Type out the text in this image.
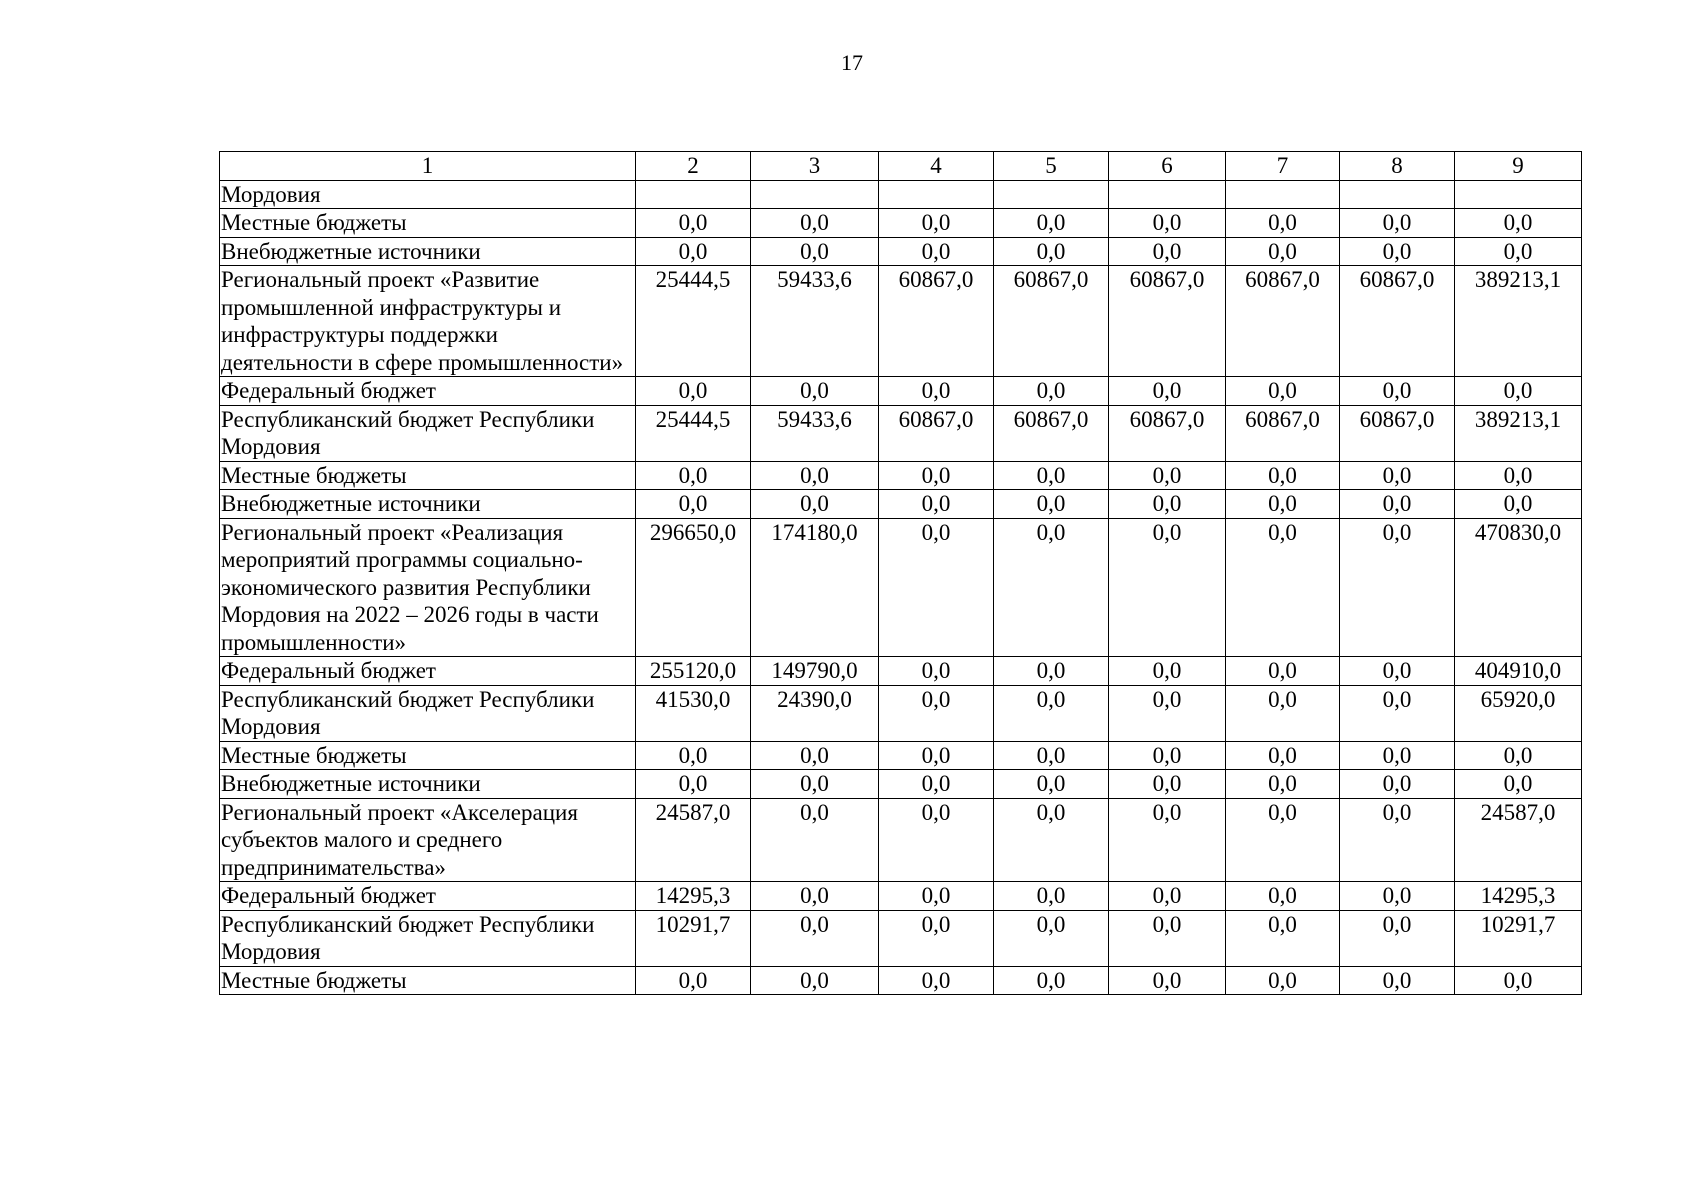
17
1	2	3	4	5	6	7	8	9
Мордовия								
Местные бюджеты	0,0	0,0	0,0	0,0	0,0	0,0	0,0	0,0
Внебюджетные источники	0,0	0,0	0,0	0,0	0,0	0,0	0,0	0,0
Региональный проект «Развитие промышленной инфраструктуры и инфраструктуры поддержки деятельности в сфере промышленности»	25444,5	59433,6	60867,0	60867,0	60867,0	60867,0	60867,0	389213,1
Федеральный бюджет	0,0	0,0	0,0	0,0	0,0	0,0	0,0	0,0
Республиканский бюджет Республики Мордовия	25444,5	59433,6	60867,0	60867,0	60867,0	60867,0	60867,0	389213,1
Местные бюджеты	0,0	0,0	0,0	0,0	0,0	0,0	0,0	0,0
Внебюджетные источники	0,0	0,0	0,0	0,0	0,0	0,0	0,0	0,0
Региональный проект «Реализация мероприятий программы социально-экономического развития Республики Мордовия на 2022 – 2026 годы в части промышленности»	296650,0	174180,0	0,0	0,0	0,0	0,0	0,0	470830,0
Федеральный бюджет	255120,0	149790,0	0,0	0,0	0,0	0,0	0,0	404910,0
Республиканский бюджет Республики Мордовия	41530,0	24390,0	0,0	0,0	0,0	0,0	0,0	65920,0
Местные бюджеты	0,0	0,0	0,0	0,0	0,0	0,0	0,0	0,0
Внебюджетные источники	0,0	0,0	0,0	0,0	0,0	0,0	0,0	0,0
Региональный проект «Акселерация субъектов малого и среднего предпринимательства»	24587,0	0,0	0,0	0,0	0,0	0,0	0,0	24587,0
Федеральный бюджет	14295,3	0,0	0,0	0,0	0,0	0,0	0,0	14295,3
Республиканский бюджет Республики Мордовия	10291,7	0,0	0,0	0,0	0,0	0,0	0,0	10291,7
Местные бюджеты	0,0	0,0	0,0	0,0	0,0	0,0	0,0	0,0
